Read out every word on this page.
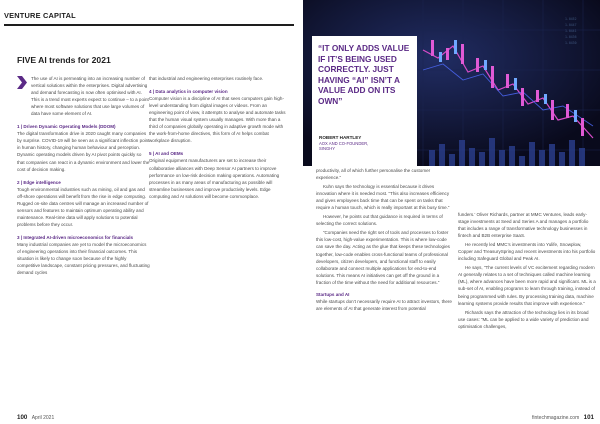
VENTURE CAPITAL
FIVE AI trends for 2021

The use of AI is permeating into an increasing number of vertical solutions within the enterprises. Digital advertising and demand forecasting is now often optimised with AI. This is a trend most experts expect to continue – to a point where most software solutions that use large volumes of data have some element of AI.

1 | Driven Dynamic Operating Models (DDOM)
The digital transformation drive in 2020 caught many companies by surprise. COVID-19 will be seen as a significant inflection point in human history, changing human behaviour and perception. Dynamic operating models driven by AI pivot points quickly so that companies can react in a dynamic environment and lower the cost of decision making.

2 | Edge intelligence
Tough environmental industries such as mining, oil and gas and off-shore operations will benefit from the rise in edge computing. Rugged on-site data centres will manage an increased number of sensors and features to maintain optimum operating ability and maintenance. Real-time data will apply solutions to potential problems before they occur.

3 | Integrated AI-driven microeconomics for financials
Many industrial companies are yet to model the microeconomics of engineering operations into their financial outcomes. This situation is likely to change soon because of the highly competitive landscape, constant pricing pressures, and fluctuating demand cycles

that industrial and engineering enterprises routinely face.

4 | Data analytics in computer vision
Computer vision is a discipline of AI that sees computers gain high-level understanding from digital images or videos. From an engineering point of view, it attempts to analyse and automate tasks that the human visual system usually manages. With more than a third of companies globally operating in adaptive growth mode with the work-from-home directives, this form of AI helps combat workplace disruption.

5 | AI and OEMs
Original equipment manufacturers are set to increase their collaborative alliances with Deep Sensor AI partners to improve performance on low-risk decision making operations. Automating processes in as many areas of manufacturing as possible will streamline businesses and improve productivity levels. Edge computing and AI solutions will become commonplace.

1.0452
1.0447
1.0441
1.0436
1.0430
“IT ONLY ADDS VALUE IF IT’S BEING USED CORRECTLY. JUST HAVING “AI” ISN’T A VALUE ADD ON ITS OWN”
ROBERT HARTLEY
AOX AND CO-FOUNDER,
SINGHY

productivity, all of which further personalise the customer experience.”

Kuhn says the technology is essential because it drives innovation where it is needed most. “This also increases efficiency and gives employees back time that can be spent on tasks that require a human touch, which is really important at this busy time.”

However, he points out that guidance is required in terms of selecting the correct solutions.

“Companies need the right set of tools and processes to foster this low-cost, high-value experimentation. This is where low-code can save the day. Acting as the glue that keeps these technologies together, low-code enables cross-functional teams of professional developers, citizen developers, and functional staff to easily collaborate and connect multiple applications for end-to-end solutions. This means AI initiatives can get off the ground in a fraction of the time without the need for additional resources.”

Startups and AI
While startups don’t necessarily require AI to attract investors, there are elements of AI that generate interest from potential

funders.’ Oliver Richards, partner at MMC Ventures, leads early-stage investments at Seed and Series A and manages a portfolio that includes a range of transformative technology businesses in fintech and B2B enterprise SaaS.

He recently led MMC’s investments into Yulife, Snowplow, Copper and TreasurySpring and recent investments into his portfolio including Safeguard Global and Peak AI.

He says, “The current levels of VC excitement regarding modern AI generally relates to a set of techniques called machine learning (ML), where advances have been more rapid and significant. ML is a sub-set of AI, enabling programs to learn through training, instead of being programmed with rules. By processing training data, machine learning systems provide results that improve with experience.”

Richards says the attraction of the technology lies in its broad use cases: “ML can be applied to a wide variety of prediction and optimisation challenges,

100 April 2021	fintechmagazine.com 101
